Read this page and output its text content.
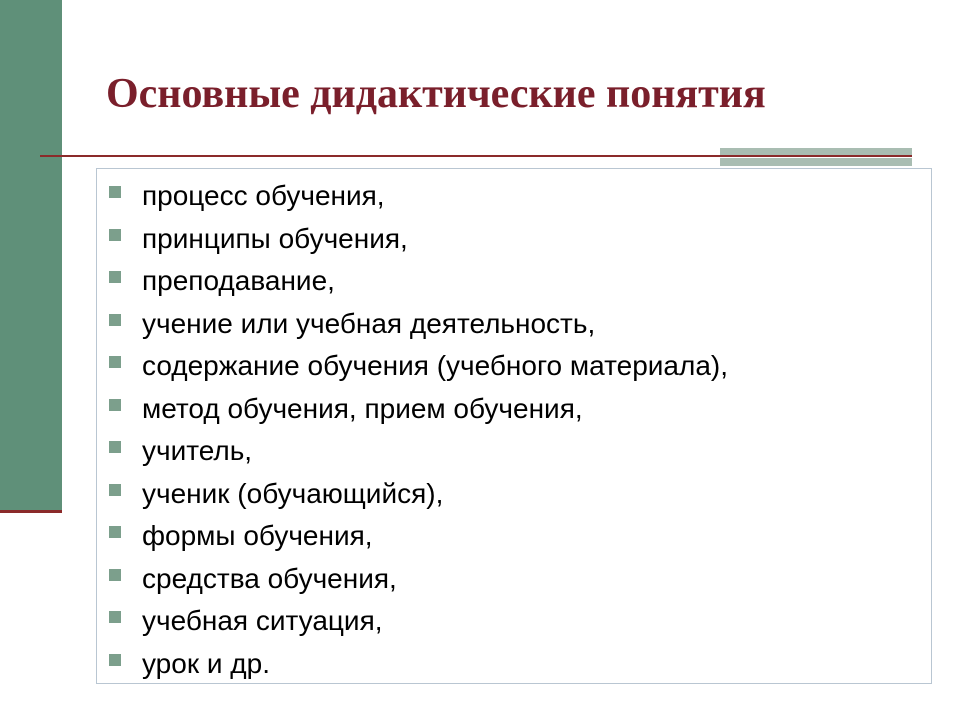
Основные дидактические понятия
процесс обучения,
принципы обучения,
преподавание,
учение или учебная деятельность,
содержание обучения (учебного материала),
метод обучения, прием обучения,
учитель,
ученик (обучающийся),
формы обучения,
средства обучения,
учебная ситуация,
урок и др.
